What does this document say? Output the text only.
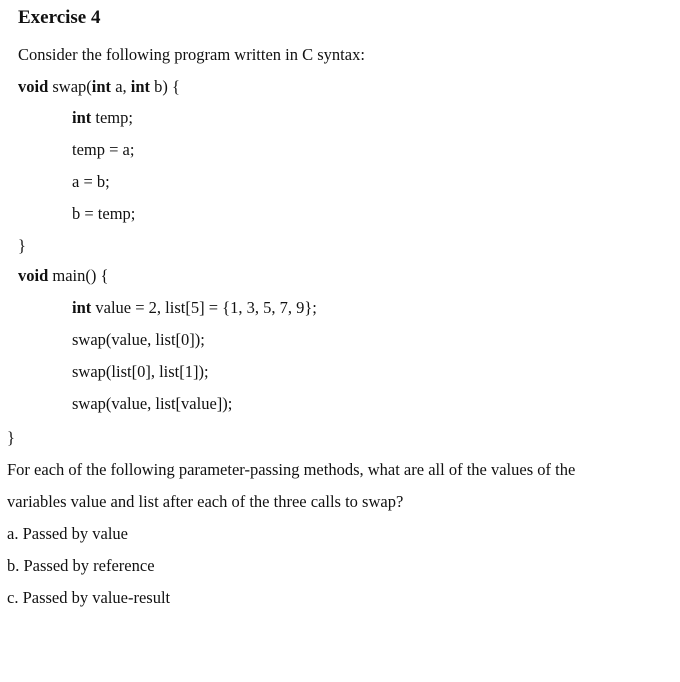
Exercise 4
Consider the following program written in C syntax:
void swap(int a, int b) {
int temp;
temp = a;
a = b;
b = temp;
}
void main() {
int value = 2, list[5] = {1, 3, 5, 7, 9};
swap(value, list[0]);
swap(list[0], list[1]);
swap(value, list[value]);
}
For each of the following parameter-passing methods, what are all of the values of the
variables value and list after each of the three calls to swap?
a. Passed by value
b. Passed by reference
c. Passed by value-result
